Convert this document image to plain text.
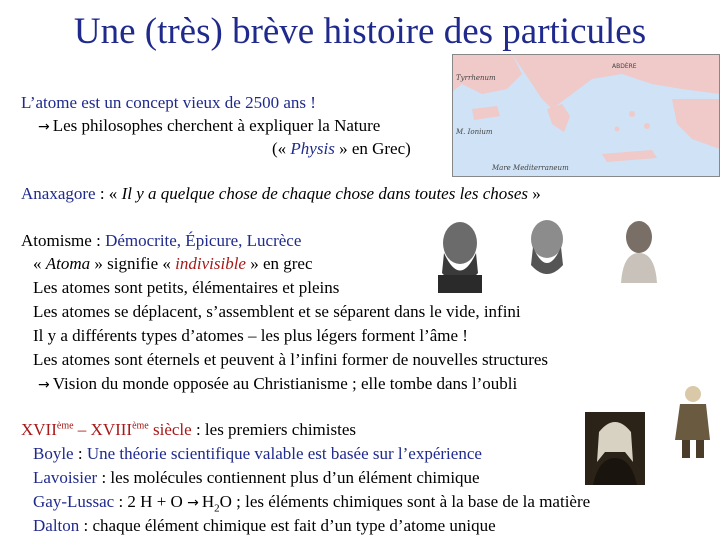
Une (très) brève histoire des particules
ABDÈRE
Tyrrhenum
M. Ionium
Mare Mediterraneum
L’atome est un concept vieux de 2500 ans !
→ Les philosophes cherchent à expliquer la Nature
(« Physis » en Grec)
Anaxagore : « Il y a quelque chose de chaque chose dans toutes les choses »
Atomisme : Démocrite, Épicure, Lucrèce
« Atoma » signifie « indivisible » en grec
Les atomes sont petits, élémentaires et pleins
Les atomes se déplacent, s’assemblent et se séparent dans le vide, infini
Il y a différents types d’atomes – les plus légers forment l’âme !
Les atomes sont éternels et peuvent à l’infini former de nouvelles structures
→ Vision du monde opposée au Christianisme ; elle tombe dans l’oubli
XVIIème – XVIIIème siècle : les premiers chimistes
Boyle : Une théorie scientifique valable est basée sur l’expérience
Lavoisier : les molécules contiennent plus d’un élément chimique
Gay-Lussac : 2 $H + O \to H_2O$ ; les éléments chimiques sont à la base de la matière
Dalton : chaque élément chimique est fait d’un type d’atome unique
